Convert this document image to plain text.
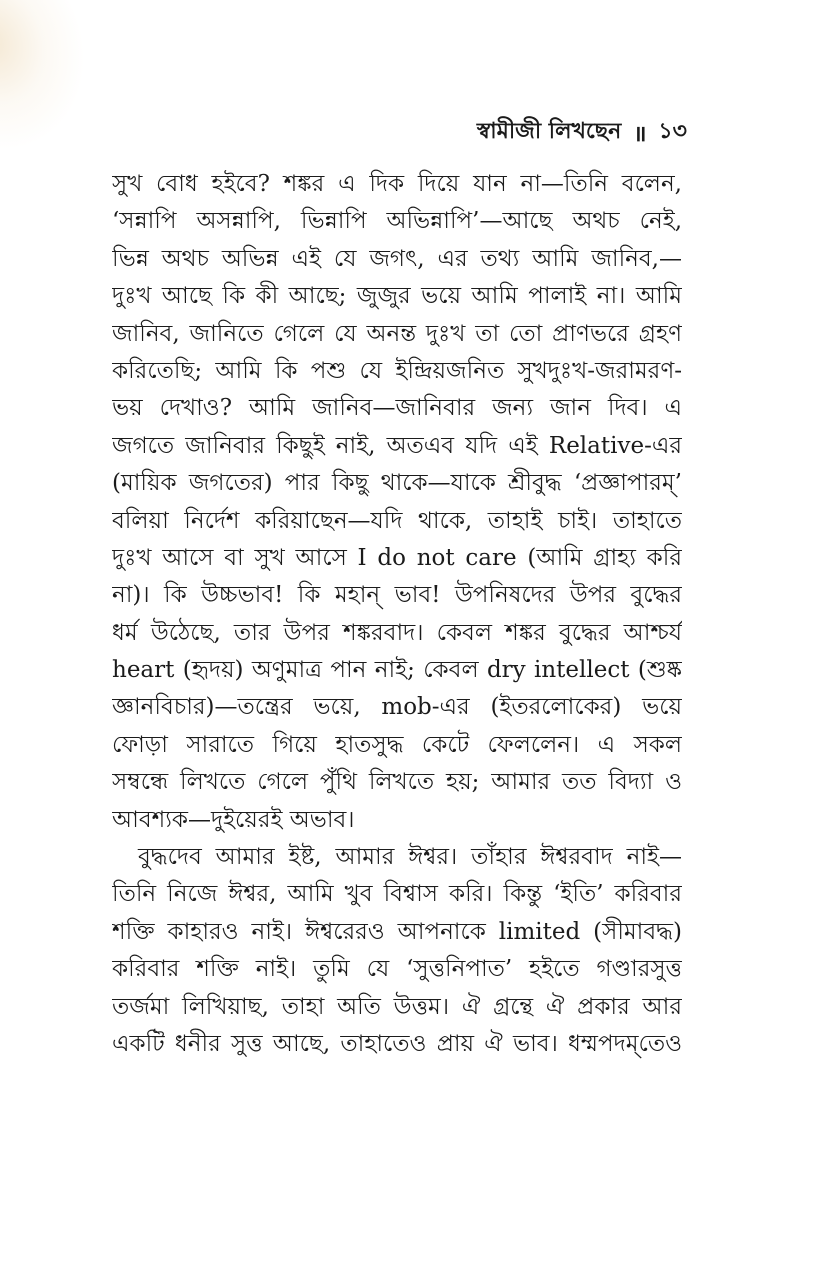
স্বামীজী লিখছেন ॥ ১৩
সুখ বোধ হইবে? শঙ্কর এ দিক দিয়ে যান না—তিনি বলেন,
‘সন্নাপি অসন্নাপি, ভিন্নাপি অভিন্নাপি’—আছে অথচ নেই,
ভিন্ন অথচ অভিন্ন এই যে জগৎ, এর তথ্য আমি জানিব,—
দুঃখ আছে কি কী আছে; জুজুর ভয়ে আমি পালাই না। আমি
জানিব, জানিতে গেলে যে অনন্ত দুঃখ তা তো প্রাণভরে গ্রহণ
করিতেছি; আমি কি পশু যে ইন্দ্রিয়জনিত সুখদুঃখ-জরামরণ-
ভয় দেখাও? আমি জানিব—জানিবার জন্য জান দিব। এ
জগতে জানিবার কিছুই নাই, অতএব যদি এই Relative-এর
(মায়িক জগতের) পার কিছু থাকে—যাকে শ্রীবুদ্ধ ‘প্রজ্ঞাপারম্’
বলিয়া নির্দেশ করিয়াছেন—যদি থাকে, তাহাই চাই। তাহাতে
দুঃখ আসে বা সুখ আসে I do not care (আমি গ্রাহ্য করি
না)। কি উচ্চভাব! কি মহান্ ভাব! উপনিষদের উপর বুদ্ধের
ধর্ম উঠেছে, তার উপর শঙ্করবাদ। কেবল শঙ্কর বুদ্ধের আশ্চর্য
heart (হৃদয়) অণুমাত্র পান নাই; কেবল dry intellect (শুষ্ক
জ্ঞানবিচার)—তন্ত্রের ভয়ে, mob-এর (ইতরলোকের) ভয়ে
ফোড়া সারাতে গিয়ে হাতসুদ্ধ কেটে ফেললেন। এ সকল
সম্বন্ধে লিখতে গেলে পুঁথি লিখতে হয়; আমার তত বিদ্যা ও
আবশ্যক—দুইয়েরই অভাব।
বুদ্ধদেব আমার ইষ্ট, আমার ঈশ্বর। তাঁহার ঈশ্বরবাদ নাই—
তিনি নিজে ঈশ্বর, আমি খুব বিশ্বাস করি। কিন্তু ‘ইতি’ করিবার
শক্তি কাহারও নাই। ঈশ্বরেরও আপনাকে limited (সীমাবদ্ধ)
করিবার শক্তি নাই। তুমি যে ‘সুত্তনিপাত’ হইতে গণ্ডারসুত্ত
তর্জমা লিখিয়াছ, তাহা অতি উত্তম। ঐ গ্রন্থে ঐ প্রকার আর
একটি ধনীর সুত্ত আছে, তাহাতেও প্রায় ঐ ভাব। ধম্মপদম্‌তেও
